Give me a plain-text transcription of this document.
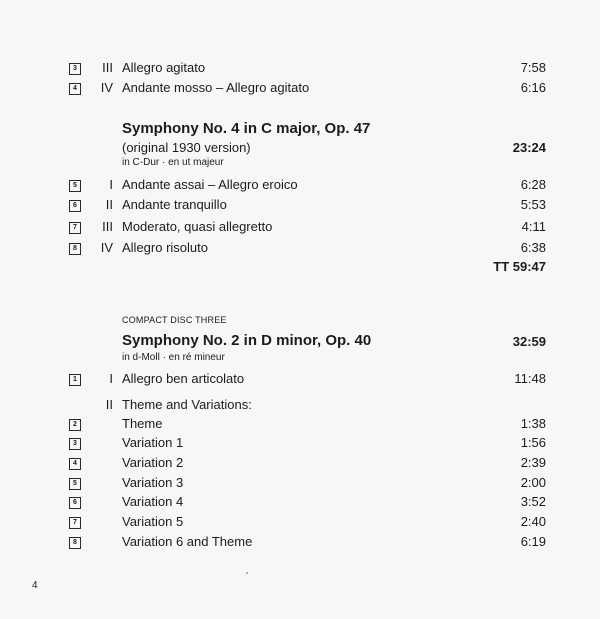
3	III Allegro agitato	7:58
4	IV Andante mosso – Allegro agitato	6:16
Symphony No. 4 in C major, Op. 47
(original 1930 version)	23:24
in C-Dur · en ut majeur
5	I Andante assai – Allegro eroico	6:28
6	II Andante tranquillo	5:53
7	III Moderato, quasi allegretto	4:11
8	IV Allegro risoluto	6:38
TT 59:47
COMPACT DISC THREE
Symphony No. 2 in D minor, Op. 40	32:59
in d-Moll · en ré mineur
1	I Allegro ben articolato	11:48
II Theme and Variations:
2	Theme	1:38
3	Variation 1	1:56
4	Variation 2	2:39
5	Variation 3	2:00
6	Variation 4	3:52
7	Variation 5	2:40
8	Variation 6 and Theme	6:19
4
